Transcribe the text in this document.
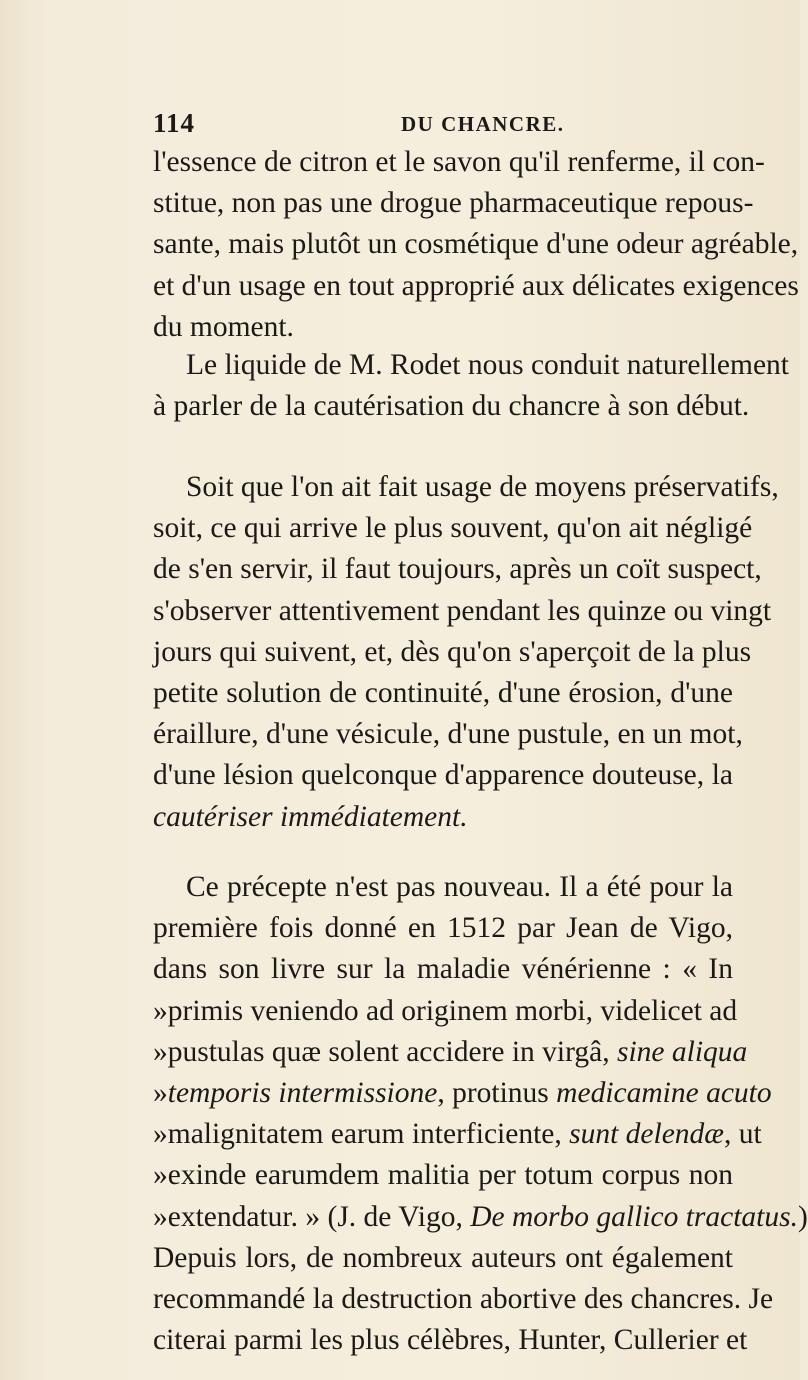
114	DU CHANCRE.
l'essence de citron et le savon qu'il renferme, il con-
stitue, non pas une drogue pharmaceutique repous-
sante, mais plutôt un cosmétique d'une odeur agréable,
et d'un usage en tout approprié aux délicates exigences
du moment.
Le liquide de M. Rodet nous conduit naturellement
à parler de la cautérisation du chancre à son début.
Soit que l'on ait fait usage de moyens préservatifs,
soit, ce qui arrive le plus souvent, qu'on ait négligé
de s'en servir, il faut toujours, après un coït suspect,
s'observer attentivement pendant les quinze ou vingt
jours qui suivent, et, dès qu'on s'aperçoit de la plus
petite solution de continuité, d'une érosion, d'une
éraillure, d'une vésicule, d'une pustule, en un mot,
d'une lésion quelconque d'apparence douteuse, la
cautériser immédiatement.
Ce précepte n'est pas nouveau. Il a été pour la
première fois donné en 1512 par Jean de Vigo,
dans son livre sur la maladie vénérienne : « In
»primis veniendo ad originem morbi, videlicet ad
»pustulas quæ solent accidere in virgâ, sine aliqua
»temporis intermissione, protinus medicamine acuto
»malignitatem earum interficiente, sunt delendæ, ut
»exinde earumdem malitia per totum corpus non
»extendatur. » (J. de Vigo, De morbo gallico tractatus.)
Depuis lors, de nombreux auteurs ont également
recommandé la destruction abortive des chancres. Je
citerai parmi les plus célèbres, Hunter, Cullerier et
